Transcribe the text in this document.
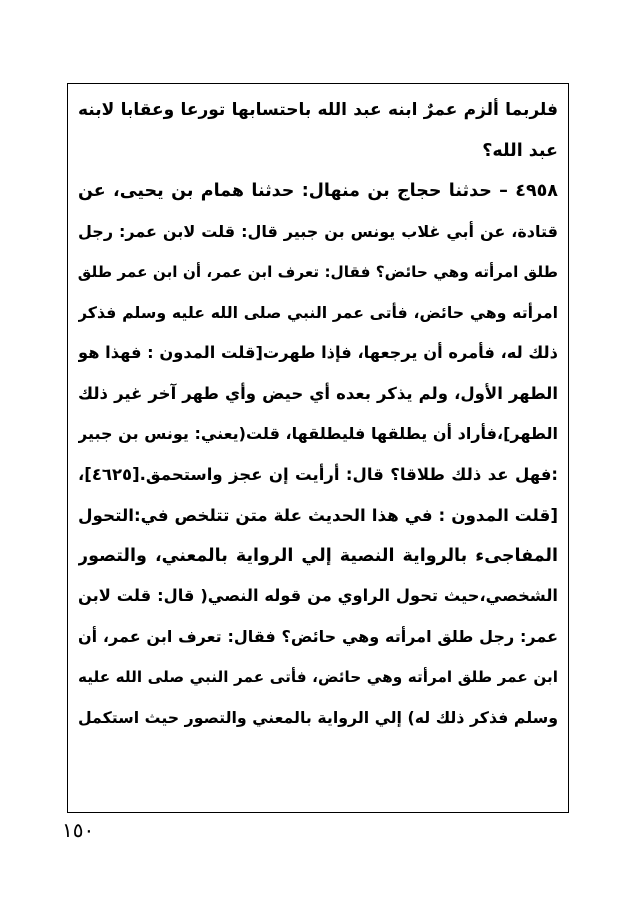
فلربما ألزم عمرٌ ابنه عبد الله باحتسابها تورعا وعقابا لابنه
عبد الله؟
٤٩٥٨ – حدثنا حجاج بن منهال: حدثنا همام بن يحيى، عن
قتادة، عن أبي غلاب يونس بن جبير قال: قلت لابن عمر: رجل
طلق امرأته وهي حائض؟ فقال: تعرف ابن عمر، أن ابن عمر طلق
امرأته وهي حائض، فأتى عمر النبي صلى الله عليه وسلم فذكر
ذلك له، فأمره أن يرجعها، فإذا طهرت[قلت المدون : فهذا هو
الطهر الأول، ولم يذكر بعده أي حيض وأي طهر آخر غير ذلك
الطهر]،فأراد أن يطلقها فليطلقها، قلت(يعني: يونس بن جبير
:فهل عد ذلك طلاقا؟ قال: أرأيت إن عجز واستحمق.[٤٦٢٥]،
[قلت المدون : في هذا الحديث علة متن تتلخص في:التحول
المفاجىء بالرواية النصية إلي الرواية بالمعني، والتصور
الشخصي،حيث تحول الراوي من قوله النصي( قال: قلت لابن
عمر: رجل طلق امرأته وهي حائض؟ فقال: تعرف ابن عمر، أن
ابن عمر طلق امرأته وهي حائض، فأتى عمر النبي صلى الله عليه
وسلم فذكر ذلك له) إلي الرواية بالمعني والتصور حيث استكمل
١٥٠
